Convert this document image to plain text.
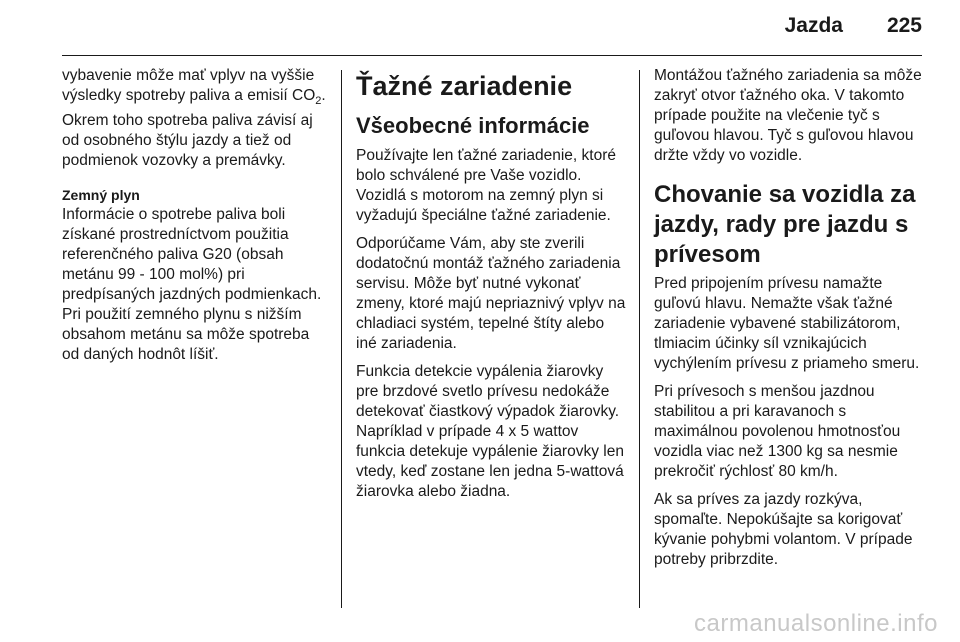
Jazda 225

vybavenie môže mať vplyv na vyššie výsledky spotreby paliva a emisií $CO_2$. Okrem toho spotreba paliva závisí aj od osobného štýlu jazdy a tiež od podmienok vozovky a premávky.

Zemný plyn

Informácie o spotrebe paliva boli získané prostredníctvom použitia referenčného paliva G20 (obsah metánu 99 - 100 mol%) pri predpísaných jazdných podmienkach. Pri použití zemného plynu s nižším obsahom metánu sa môže spotreba od daných hodnôt líšiť.

Ťažné zariadenie
Všeobecné informácie

Používajte len ťažné zariadenie, ktoré bolo schválené pre Vaše vozidlo. Vozidlá s motorom na zemný plyn si vyžadujú špeciálne ťažné zariadenie.

Odporúčame Vám, aby ste zverili dodatočnú montáž ťažného zariadenia servisu. Môže byť nutné vykonať zmeny, ktoré majú nepriaznivý vplyv na chladiaci systém, tepelné štíty alebo iné zariadenia.

Funkcia detekcie vypálenia žiarovky pre brzdové svetlo prívesu nedokáže detekovať čiastkový výpadok žiarovky. Napríklad v prípade 4 x 5 wattov funkcia detekuje vypálenie žiarovky len vtedy, keď zostane len jedna 5-wattová žiarovka alebo žiadna.

Montážou ťažného zariadenia sa môže zakryť otvor ťažného oka. V takomto prípade použite na vlečenie tyč s guľovou hlavou. Tyč s guľovou hlavou držte vždy vo vozidle.

Chovanie sa vozidla za jazdy, rady pre jazdu s prívesom

Pred pripojením prívesu namažte guľovú hlavu. Nemažte však ťažné zariadenie vybavené stabilizátorom, tlmiacim účinky síl vznikajúcich vychýlením prívesu z priameho smeru.

Pri prívesoch s menšou jazdnou stabilitou a pri karavanoch s maximálnou povolenou hmotnosťou vozidla viac než 1300 kg sa nesmie prekročiť rýchlosť 80 km/h.

Ak sa príves za jazdy rozkýva, spomaľte. Nepokúšajte sa korigovať kývanie pohybmi volantom. V prípade potreby pribrzdite.

carmanualsonline.info
